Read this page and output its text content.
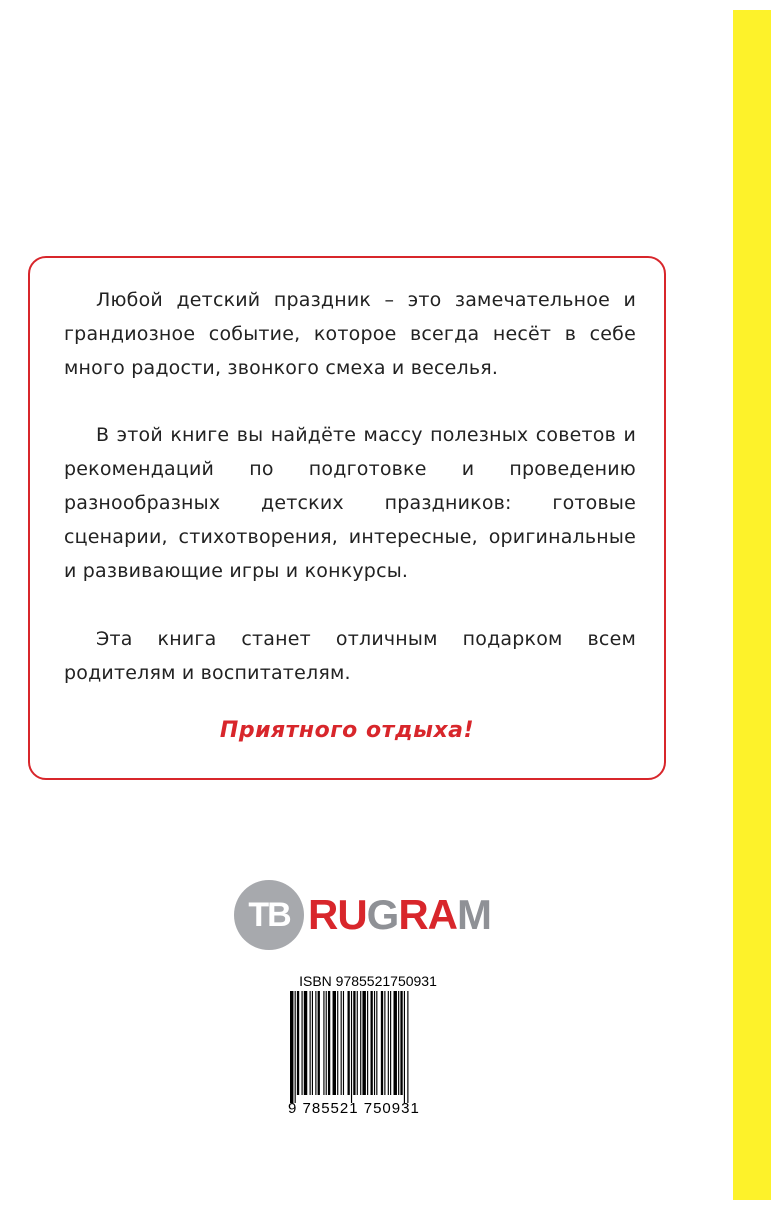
Любой детский праздник – это замечательное и грандиозное событие, которое всегда несёт в себе много радости, звонкого смеха и веселья.

В этой книге вы найдёте массу полезных советов и рекомендаций по подготовке и проведению разнообразных детских праздников: готовые сценарии, стихотворения, интересные, оригинальные и развивающие игры и конкурсы.

Эта книга станет отличным подарком всем родителям и воспитателям.

Приятного отдыха!
ТВ RUGRAM
ISBN 9785521750931
9 785521 750931
